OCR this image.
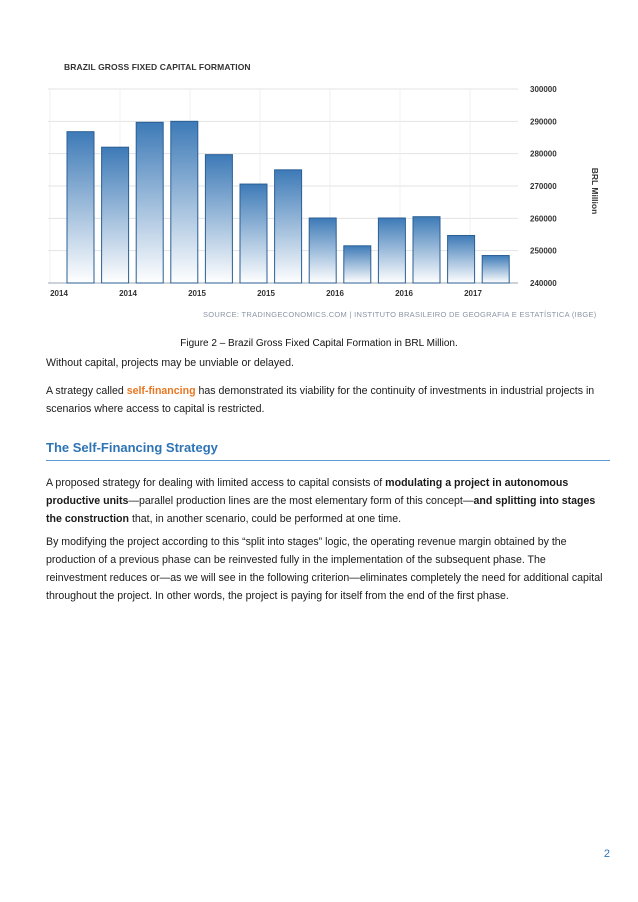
BRAZIL GROSS FIXED CAPITAL FORMATION
300000
290000
280000
270000
260000
250000
240000
2014	2014	2015	2015	2016	2016	2017
BRL Million
SOURCE: TRADINGECONOMICS.COM | INSTITUTO BRASILEIRO DE GEOGRAFIA E ESTATÍSTICA (IBGE)
Figure 2 – Brazil Gross Fixed Capital Formation in BRL Million.
Without capital, projects may be unviable or delayed.
A strategy called self-financing has demonstrated its viability for the continuity of investments in industrial projects in scenarios where access to capital is restricted.
The Self-Financing Strategy
A proposed strategy for dealing with limited access to capital consists of modulating a project in autonomous productive units—parallel production lines are the most elementary form of this concept—and splitting into stages the construction that, in another scenario, could be performed at one time.
By modifying the project according to this “split into stages” logic, the operating revenue margin obtained by the production of a previous phase can be reinvested fully in the implementation of the subsequent phase. The reinvestment reduces or—as we will see in the following criterion—eliminates completely the need for additional capital throughout the project. In other words, the project is paying for itself from the end of the first phase.
2
